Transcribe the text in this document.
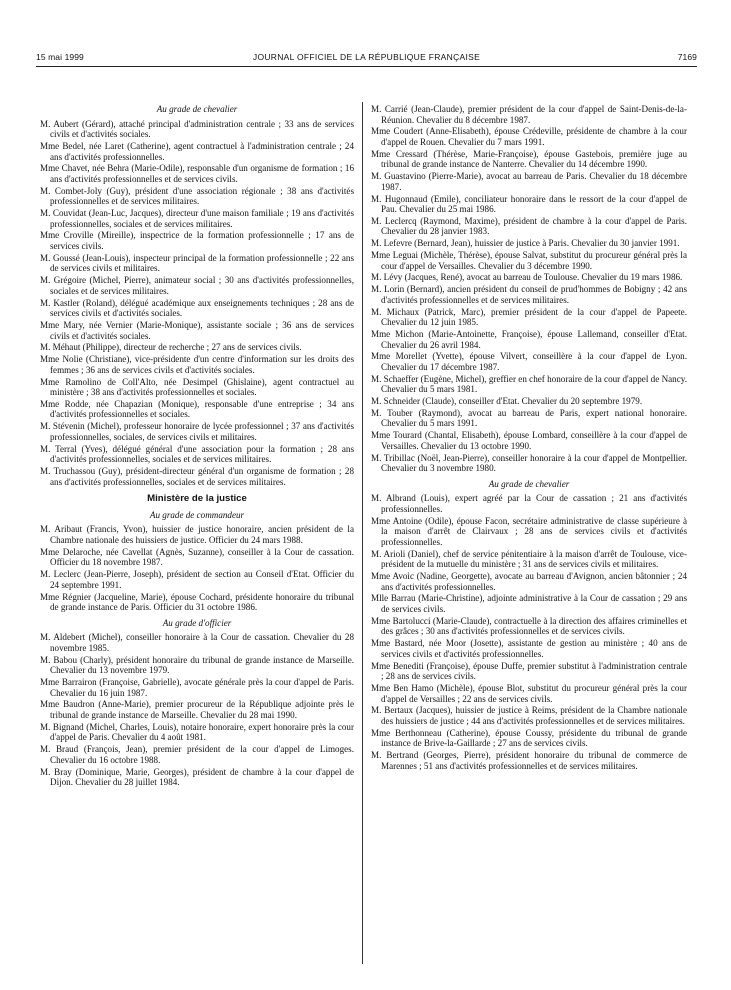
15 mai 1999	JOURNAL OFFICIEL DE LA RÉPUBLIQUE FRANÇAISE	7169
Au grade de chevalier

M. Aubert (Gérard), attaché principal d'administration centrale ; 33 ans de services civils et d'activités sociales.

Mme Bedel, née Laret (Catherine), agent contractuel à l'administration centrale ; 24 ans d'activités professionnelles.

Mme Chavet, née Behra (Marie-Odile), responsable d'un organisme de formation ; 16 ans d'activités professionnelles et de services civils.

M. Combet-Joly (Guy), président d'une association régionale ; 38 ans d'activités professionnelles et de services militaires.

M. Couvidat (Jean-Luc, Jacques), directeur d'une maison familiale ; 19 ans d'activités professionnelles, sociales et de services militaires.

Mme Croville (Mireille), inspectrice de la formation professionnelle ; 17 ans de services civils.

M. Goussé (Jean-Louis), inspecteur principal de la formation professionnelle ; 22 ans de services civils et militaires.

M. Grégoire (Michel, Pierre), animateur social ; 30 ans d'activités professionnelles, sociales et de services militaires.

M. Kastler (Roland), délégué académique aux enseignements techniques ; 28 ans de services civils et d'activités sociales.

Mme Mary, née Vernier (Marie-Monique), assistante sociale ; 36 ans de services civils et d'activités sociales.

M. Méhaut (Philippe), directeur de recherche ; 27 ans de services civils.

Mme Nolie (Christiane), vice-présidente d'un centre d'information sur les droits des femmes ; 36 ans de services civils et d'activités sociales.

Mme Ramolino de Coll'Alto, née Desimpel (Ghislaine), agent contractuel au ministère ; 38 ans d'activités professionnelles et sociales.

Mme Rodde, née Chapazian (Monique), responsable d'une entreprise ; 34 ans d'activités professionnelles et sociales.

M. Stévenin (Michel), professeur honoraire de lycée professionnel ; 37 ans d'activités professionnelles, sociales, de services civils et militaires.

M. Terral (Yves), délégué général d'une association pour la formation ; 28 ans d'activités professionnelles, sociales et de services militaires.

M. Truchassou (Guy), président-directeur général d'un organisme de formation ; 28 ans d'activités professionnelles, sociales et de services militaires.

Ministère de la justice
Au grade de commandeur

M. Aribaut (Francis, Yvon), huissier de justice honoraire, ancien président de la Chambre nationale des huissiers de justice. Officier du 24 mars 1988.

Mme Delaroche, née Cavellat (Agnès, Suzanne), conseiller à la Cour de cassation. Officier du 18 novembre 1987.

M. Leclerc (Jean-Pierre, Joseph), président de section au Conseil d'Etat. Officier du 24 septembre 1991.

Mme Régnier (Jacqueline, Marie), épouse Cochard, présidente honoraire du tribunal de grande instance de Paris. Officier du 31 octobre 1986.

Au grade d'officier

M. Aldebert (Michel), conseiller honoraire à la Cour de cassation. Chevalier du 28 novembre 1985.

M. Babou (Charly), président honoraire du tribunal de grande instance de Marseille. Chevalier du 13 novembre 1979.

Mme Barrairon (Françoise, Gabrielle), avocate générale près la cour d'appel de Paris. Chevalier du 16 juin 1987.

Mme Baudron (Anne-Marie), premier procureur de la République adjointe près le tribunal de grande instance de Marseille. Chevalier du 28 mai 1990.

M. Bignand (Michel, Charles, Louis), notaire honoraire, expert honoraire près la cour d'appel de Paris. Chevalier du 4 août 1981.

M. Braud (François, Jean), premier président de la cour d'appel de Limoges. Chevalier du 16 octobre 1988.

M. Bray (Dominique, Marie, Georges), président de chambre à la cour d'appel de Dijon. Chevalier du 28 juillet 1984.

M. Carrié (Jean-Claude), premier président de la cour d'appel de Saint-Denis-de-la-Réunion. Chevalier du 8 décembre 1987.

Mme Coudert (Anne-Elisabeth), épouse Crédeville, présidente de chambre à la cour d'appel de Rouen. Chevalier du 7 mars 1991.

Mme Cressard (Thérèse, Marie-Françoise), épouse Gastebois, première juge au tribunal de grande instance de Nanterre. Chevalier du 14 décembre 1990.

M. Guastavino (Pierre-Marie), avocat au barreau de Paris. Chevalier du 18 décembre 1987.

M. Hugonnaud (Emile), conciliateur honoraire dans le ressort de la cour d'appel de Pau. Chevalier du 25 mai 1986.

M. Leclercq (Raymond, Maxime), président de chambre à la cour d'appel de Paris. Chevalier du 28 janvier 1983.

M. Lefevre (Bernard, Jean), huissier de justice à Paris. Chevalier du 30 janvier 1991.

Mme Leguai (Michèle, Thérèse), épouse Salvat, substitut du procureur général près la cour d'appel de Versailles. Chevalier du 3 décembre 1990.

M. Lévy (Jacques, René), avocat au barreau de Toulouse. Chevalier du 19 mars 1986.

M. Lorin (Bernard), ancien président du conseil de prud'hommes de Bobigny ; 42 ans d'activités professionnelles et de services militaires.

M. Michaux (Patrick, Marc), premier président de la cour d'appel de Papeete. Chevalier du 12 juin 1985.

Mme Michon (Marie-Antoinette, Françoise), épouse Lallemand, conseiller d'Etat. Chevalier du 26 avril 1984.

Mme Morellet (Yvette), épouse Vilvert, conseillère à la cour d'appel de Lyon. Chevalier du 17 décembre 1987.

M. Schaeffer (Eugène, Michel), greffier en chef honoraire de la cour d'appel de Nancy. Chevalier du 5 mars 1981.

M. Schneider (Claude), conseiller d'Etat. Chevalier du 20 septembre 1979.

M. Touber (Raymond), avocat au barreau de Paris, expert national honoraire. Chevalier du 5 mars 1991.

Mme Tourard (Chantal, Elisabeth), épouse Lombard, conseillère à la cour d'appel de Versailles. Chevalier du 13 octobre 1990.

M. Tribillac (Noël, Jean-Pierre), conseiller honoraire à la cour d'appel de Montpellier. Chevalier du 3 novembre 1980.

Au grade de chevalier

M. Albrand (Louis), expert agréé par la Cour de cassation ; 21 ans d'activités professionnelles.

Mme Antoine (Odile), épouse Facon, secrétaire administrative de classe supérieure à la maison d'arrêt de Clairvaux ; 28 ans de services civils et d'activités professionnelles.

M. Arioli (Daniel), chef de service pénitentiaire à la maison d'arrêt de Toulouse, vice-président de la mutuelle du ministère ; 31 ans de services civils et militaires.

Mme Avoic (Nadine, Georgette), avocate au barreau d'Avignon, ancien bâtonnier ; 24 ans d'activités professionnelles.

Mlle Barrau (Marie-Christine), adjointe administrative à la Cour de cassation ; 29 ans de services civils.

Mme Bartolucci (Marie-Claude), contractuelle à la direction des affaires criminelles et des grâces ; 30 ans d'activités professionnelles et de services civils.

Mme Bastard, née Moor (Josette), assistante de gestion au ministère ; 40 ans de services civils et d'activités professionnelles.

Mme Benediti (Françoise), épouse Duffe, premier substitut à l'administration centrale ; 28 ans de services civils.

Mme Ben Hamo (Michèle), épouse Blot, substitut du procureur général près la cour d'appel de Versailles ; 22 ans de services civils.

M. Bertaux (Jacques), huissier de justice à Reims, président de la Chambre nationale des huissiers de justice ; 44 ans d'activités professionnelles et de services militaires.

Mme Berthonneau (Catherine), épouse Coussy, présidente du tribunal de grande instance de Brive-la-Gaillarde ; 27 ans de services civils.

M. Bertrand (Georges, Pierre), président honoraire du tribunal de commerce de Marennes ; 51 ans d'activités professionnelles et de services militaires.
